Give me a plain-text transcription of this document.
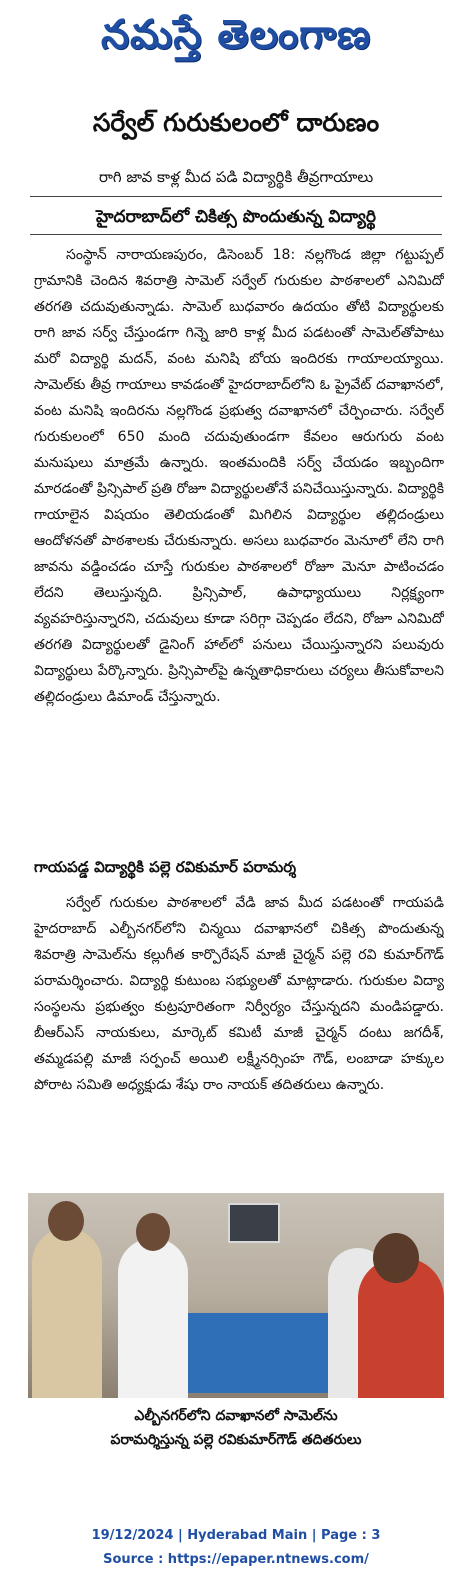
నమస్తే తెలంగాణ
సర్వేల్ గురుకులంలో దారుణం
రాగి జావ కాళ్ల మీద పడి విద్యార్థికి తీవ్రగాయాలు
హైదరాబాద్‌లో చికిత్స పొందుతున్న విద్యార్థి

సంస్థాన్ నారాయణపురం, డిసెంబర్ 18: నల్లగొండ జిల్లా గట్టుప్పల్ గ్రామానికి చెందిన శివరాత్రి సామెల్ సర్వేల్ గురుకుల పాఠశాలలో ఎనిమిదో తరగతి చదువుతున్నాడు. సామెల్ బుధవారం ఉదయం తోటి విద్యార్థులకు రాగి జావ సర్వ్ చేస్తుండగా గిన్నె జారి కాళ్ల మీద పడటంతో సామెల్‌తోపాటు మరో విద్యార్థి మదన్, వంట మనిషి బోయ ఇందిరకు గాయాలయ్యాయి. సామెల్‌కు తీవ్ర గాయాలు కావడంతో హైదరాబాద్‌లోని ఓ ప్రైవేట్ దవాఖానలో, వంట మనిషి ఇందిరను నల్లగొండ ప్రభుత్వ దవాఖానలో చేర్పించారు. సర్వేల్ గురుకులంలో 650 మంది చదువుతుండగా కేవలం ఆరుగురు వంట మనుషులు మాత్రమే ఉన్నారు. ఇంతమందికి సర్వ్ చేయడం ఇబ్బందిగా మారడంతో ప్రిన్సిపాల్ ప్రతి రోజూ విద్యార్థులతోనే పనిచేయిస్తున్నారు. విద్యార్థికి గాయాలైన విషయం తెలియడంతో మిగిలిన విద్యార్థుల తల్లిదండ్రులు ఆందోళనతో పాఠశాలకు చేరుకున్నారు. అసలు బుధవారం మెనూలో లేని రాగి జావను వడ్డించడం చూస్తే గురుకుల పాఠశాలలో రోజూ మెనూ పాటించడం లేదని తెలుస్తున్నది. ప్రిన్సిపాల్, ఉపాధ్యాయులు నిర్లక్ష్యంగా వ్యవహరిస్తున్నారని, చదువులు కూడా సరిగ్గా చెప్పడం లేదని, రోజూ ఎనిమిదో తరగతి విద్యార్థులతో డైనింగ్ హాల్‌లో పనులు చేయిస్తున్నారని పలువురు విద్యార్థులు పేర్కొన్నారు. ప్రిన్సిపాల్‌పై ఉన్నతాధికారులు చర్యలు తీసుకోవాలని తల్లిదండ్రులు డిమాండ్ చేస్తున్నారు.

గాయపడ్డ విద్యార్థికి పల్లె రవికుమార్ పరామర్శ

సర్వేల్ గురుకుల పాఠశాలలో వేడి జావ మీద పడటంతో గాయపడి హైదరాబాద్ ఎల్బీనగర్‌లోని చిన్మయి దవాఖానలో చికిత్స పొందుతున్న శివరాత్రి సామెల్‌ను కల్లుగీత కార్పొరేషన్ మాజీ చైర్మన్ పల్లె రవి కుమార్‌గౌడ్ పరామర్శించారు. విద్యార్థి కుటుంబ సభ్యులతో మాట్లాడారు. గురుకుల విద్యా సంస్థలను ప్రభుత్వం కుట్రపూరితంగా నిర్వీర్యం చేస్తున్నదని మండిపడ్డారు. బీఆర్ఎస్ నాయకులు, మార్కెట్ కమిటీ మాజీ చైర్మన్ దంటు జగదీశ్, తమ్మడపల్లి మాజీ సర్పంచ్ అయిలి లక్ష్మీనర్సింహ గౌడ్, లంబాడా హక్కుల పోరాట సమితి అధ్యక్షుడు శేషు రాం నాయక్ తదితరులు ఉన్నారు.

ఎల్బీనగర్‌లోని దవాఖానలో సామెల్‌ను
పరామర్శిస్తున్న పల్లె రవికుమార్‌గౌడ్ తదితరులు
19/12/2024 | Hyderabad Main | Page : 3
Source : https://epaper.ntnews.com/
